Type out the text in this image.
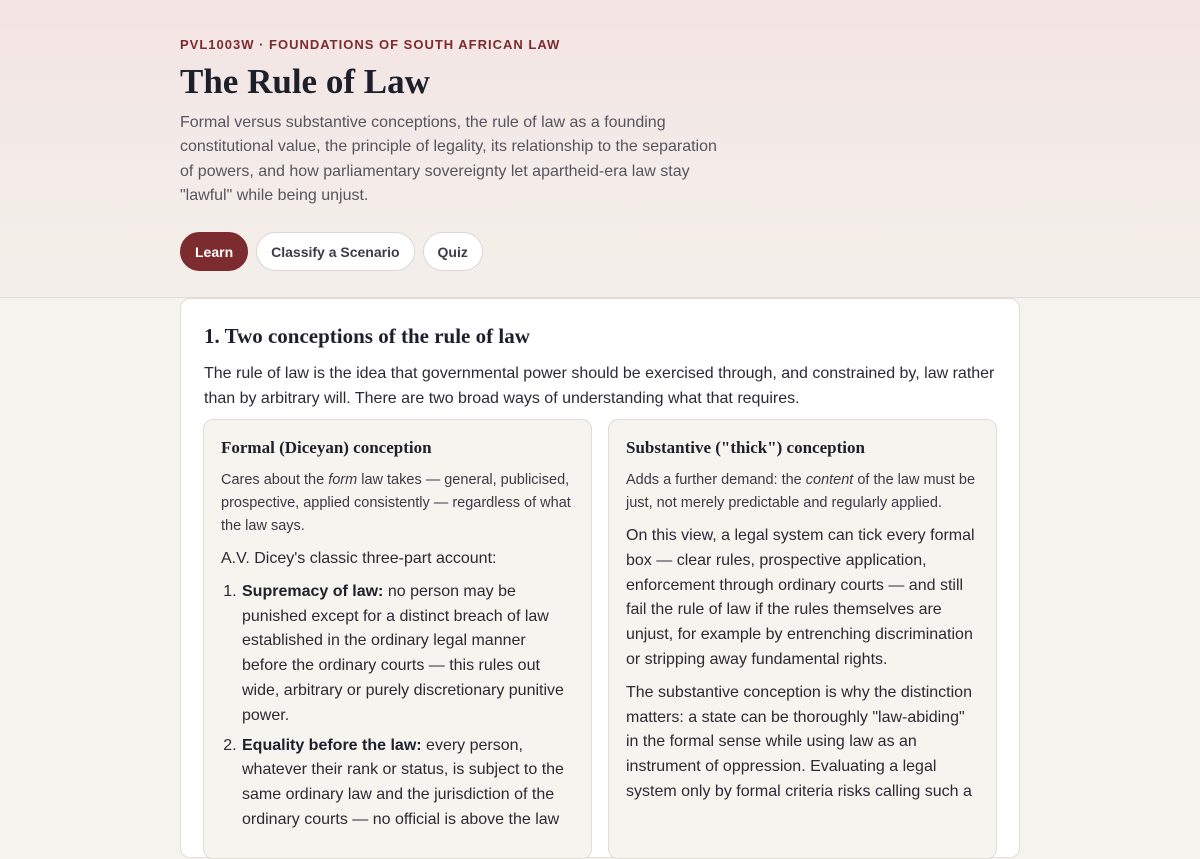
PVL1003W · FOUNDATIONS OF SOUTH AFRICAN LAW
The Rule of Law

Formal versus substantive conceptions, the rule of law as a founding constitutional value, the principle of legality, its relationship to the separation of powers, and how parliamentary sovereignty let apartheid-era law stay "lawful" while being unjust.

Learn	Classify a Scenario	Quiz
1. Two conceptions of the rule of law

The rule of law is the idea that governmental power should be exercised through, and constrained by, law rather than by arbitrary will. There are two broad ways of understanding what that requires.

Formal (Diceyan) conception

Cares about the form law takes — general, publicised, prospective, applied consistently — regardless of what the law says.

A.V. Dicey's classic three-part account:

1. Supremacy of law: no person may be punished except for a distinct breach of law established in the ordinary legal manner before the ordinary courts — this rules out wide, arbitrary or purely discretionary punitive power.
2. Equality before the law: every person, whatever their rank or status, is subject to the same ordinary law and the jurisdiction of the ordinary courts — no official is above the law
Substantive ("thick") conception

Adds a further demand: the content of the law must be just, not merely predictable and regularly applied.

On this view, a legal system can tick every formal box — clear rules, prospective application, enforcement through ordinary courts — and still fail the rule of law if the rules themselves are unjust, for example by entrenching discrimination or stripping away fundamental rights.

The substantive conception is why the distinction matters: a state can be thoroughly "law-abiding" in the formal sense while using law as an instrument of oppression. Evaluating a legal system only by formal criteria risks calling such a
